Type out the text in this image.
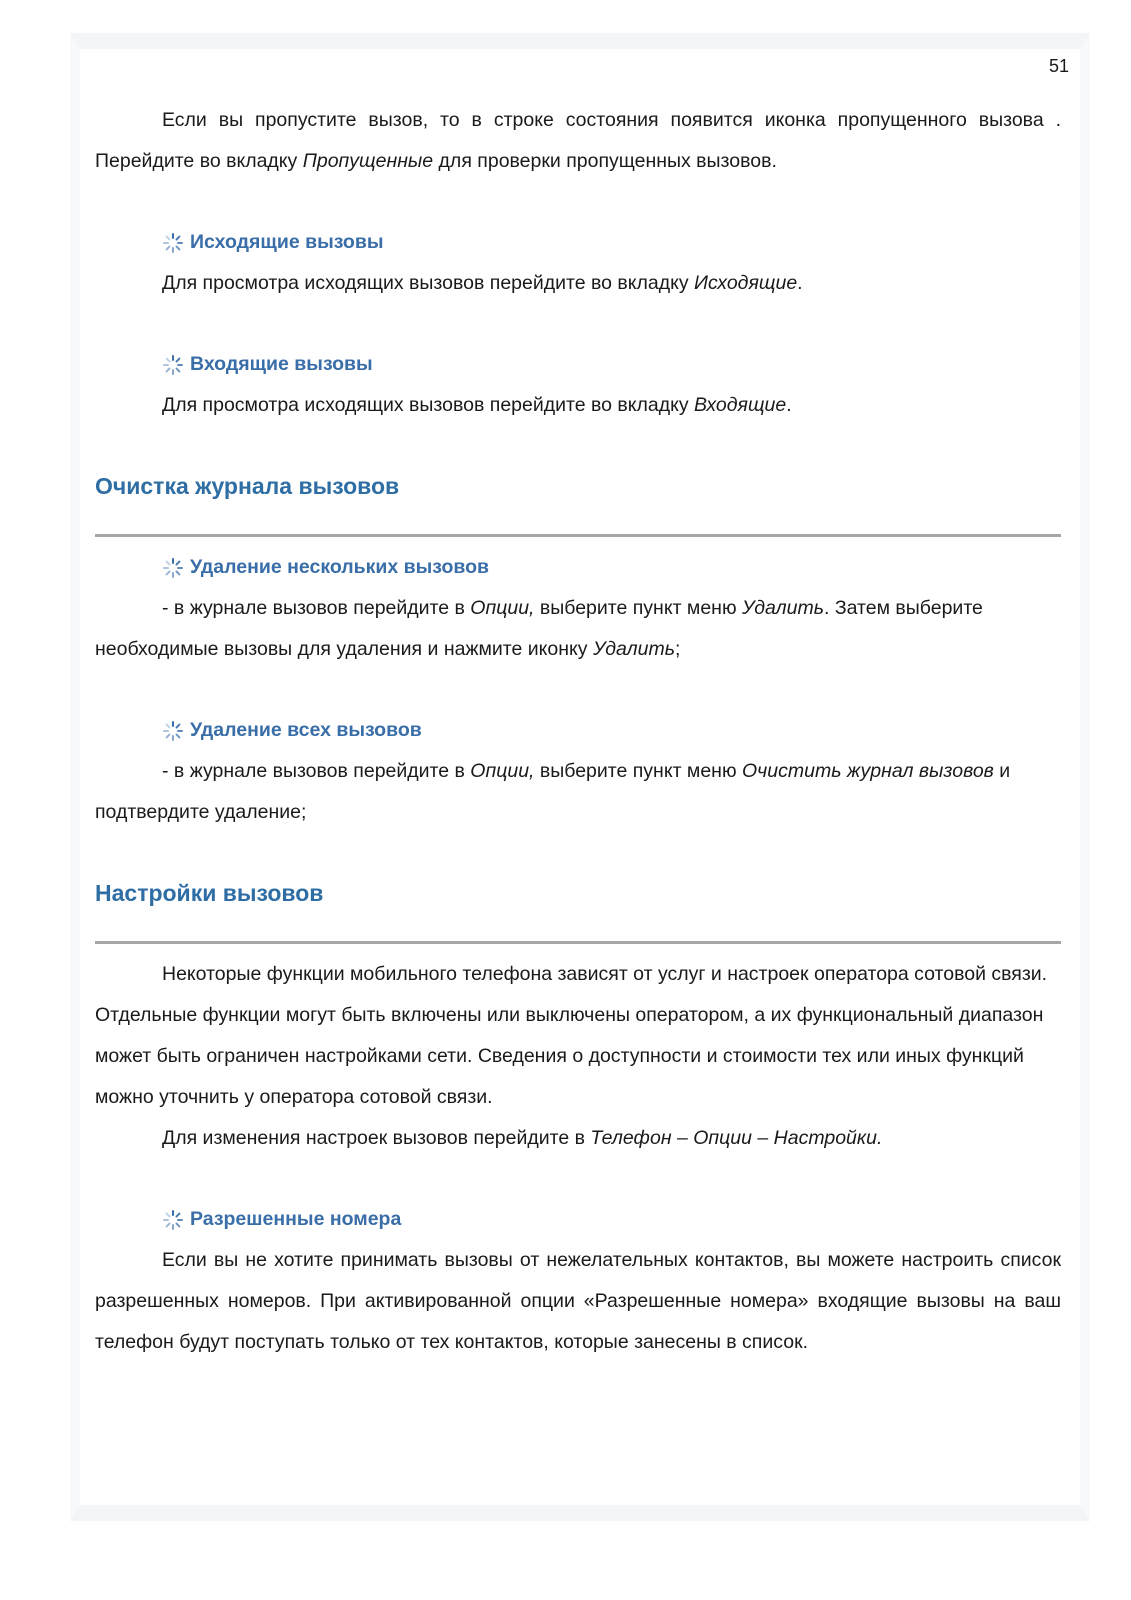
51

Если вы пропустите вызов, то в строке состояния появится иконка пропущенного вызова . Перейдите во вкладку Пропущенные для проверки пропущенных вызовов.

Исходящие вызовы

Для просмотра исходящих вызовов перейдите во вкладку Исходящие.

Входящие вызовы

Для просмотра исходящих вызовов перейдите во вкладку Входящие.

Очистка журнала вызовов

Удаление нескольких вызовов

- в журнале вызовов перейдите в Опции, выберите пункт меню Удалить. Затем выберите необходимые вызовы для удаления и нажмите иконку Удалить;

Удаление всех вызовов

- в журнале вызовов перейдите в Опции, выберите пункт меню Очистить журнал вызовов и подтвердите удаление;

Настройки вызовов

Некоторые функции мобильного телефона зависят от услуг и настроек оператора сотовой связи. Отдельные функции могут быть включены или выключены оператором, а их функциональный диапазон может быть ограничен настройками сети. Сведения о доступности и стоимости тех или иных функций можно уточнить у оператора сотовой связи.

Для изменения настроек вызовов перейдите в Телефон – Опции – Настройки.

Разрешенные номера

Если вы не хотите принимать вызовы от нежелательных контактов, вы можете настроить список разрешенных номеров. При активированной опции «Разрешенные номера» входящие вызовы на ваш телефон будут поступать только от тех контактов, которые занесены в список.
